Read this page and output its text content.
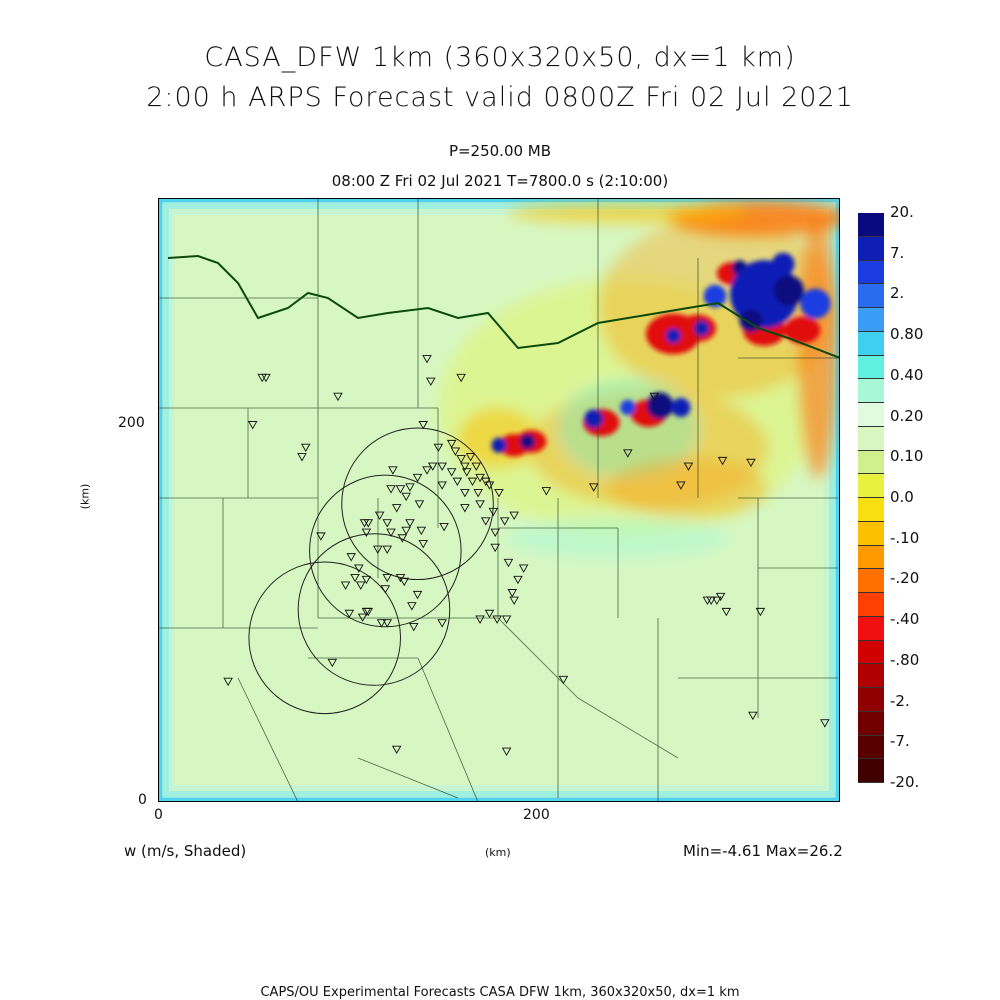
CASA_DFW 1km (360x320x50, dx=1 km)
2:00 h ARPS Forecast valid 0800Z Fri 02 Jul 2021
P=250.00 MB
08:00 Z Fri 02 Jul 2021 T=7800.0 s (2:10:00)
200
0
(km)
0	200
(km)
w (m/s, Shaded)	Min=-4.61 Max=26.2
CAPS/OU Experimental Forecasts CASA DFW 1km, 360x320x50, dx=1 km
20.
7.
2.
0.80
0.40
0.20
0.10
0.0
-.10
-.20
-.40
-.80
-2.
-7.
-20.
